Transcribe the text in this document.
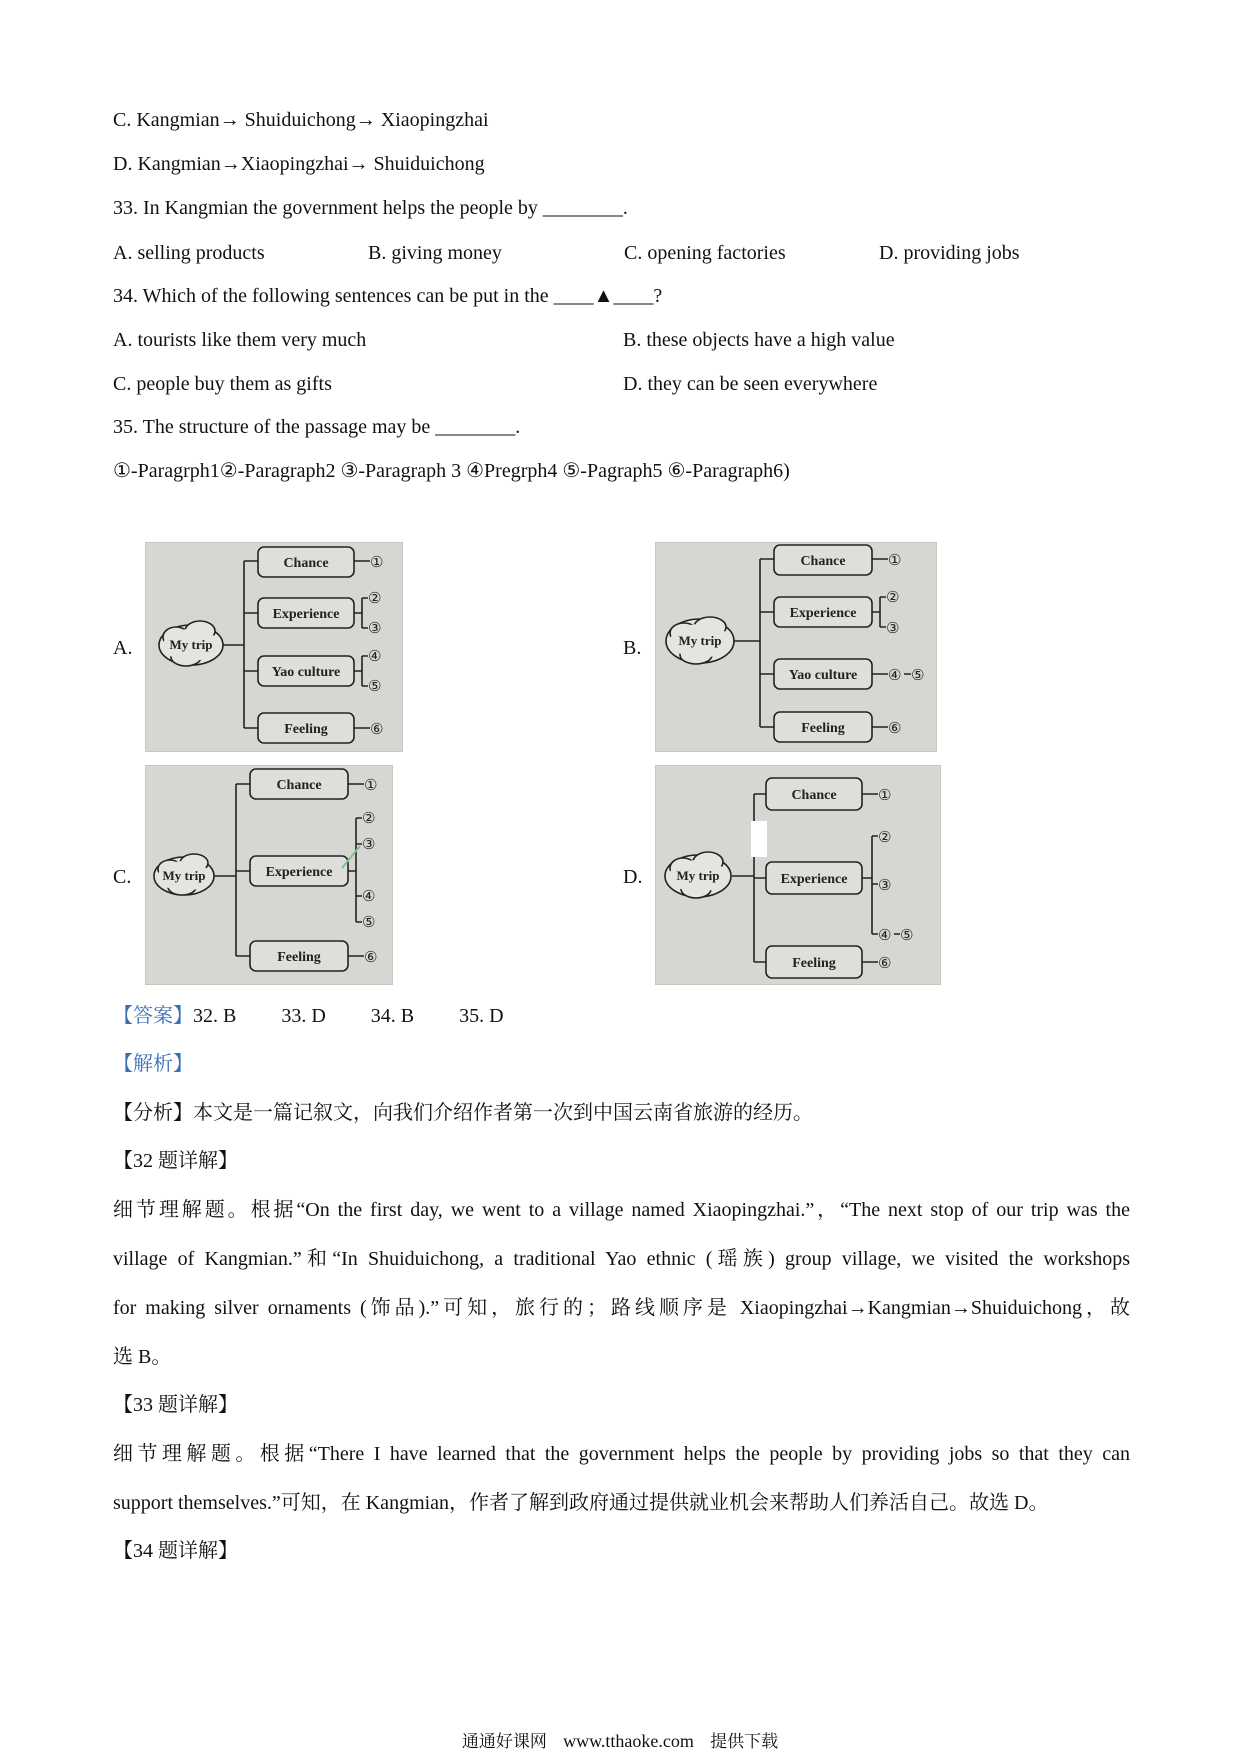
C. Kangmian→ Shuiduichong→ Xiaopingzhai
D. Kangmian→Xiaopingzhai→ Shuiduichong
33. In Kangmian the government helps the people by ________.
A. selling products	B. giving money	C. opening factories	D. providing jobs
34. Which of the following sentences can be put in the ____▲____?
A. tourists like them very much	B. these objects have a high value
C. people buy them as gifts	D. they can be seen everywhere
35. The structure of the passage may be ________.
①-Paragrph1②-Paragraph2 ③-Paragraph 3 ④Pregrph4 ⑤-Pagraph5 ⑥-Paragraph6)
A.	B.
C.	D.
My trip
Chance
Experience
Yao culture
Feeling
①
②
③
④
⑤
⑥
My trip
Chance
Experience
Yao culture
Feeling
①
②
③
④ ⑤
⑥
My trip
Chance
Experience
Feeling
①
②
③
④
⑤
⑥
My trip
Chance
Experience
Feeling
①
②
③
④ ⑤
⑥
【答案】32. B 33. D 34. B 35. D
【解析】
【分析】本文是一篇记叙文，向我们介绍作者第一次到中国云南省旅游的经历。
【32 题详解】
细节理解题。根据“On the first day, we went to a village named Xiaopingzhai.”，“The next stop of our trip was the
village of Kangmian.”和“In Shuiduichong, a traditional Yao ethnic (瑶族) group village, we visited the workshops
for making silver ornaments (饰品).”可知，旅行的；路线顺序是 Xiaopingzhai→Kangmian→Shuiduichong，故
选 B。
【33 题详解】
细节理解题。根据“There I have learned that the government helps the people by providing jobs so that they can
support themselves.”可知，在 Kangmian，作者了解到政府通过提供就业机会来帮助人们养活自己。故选 D。
【34 题详解】
通通好课网 www.tthaoke.com 提供下载
